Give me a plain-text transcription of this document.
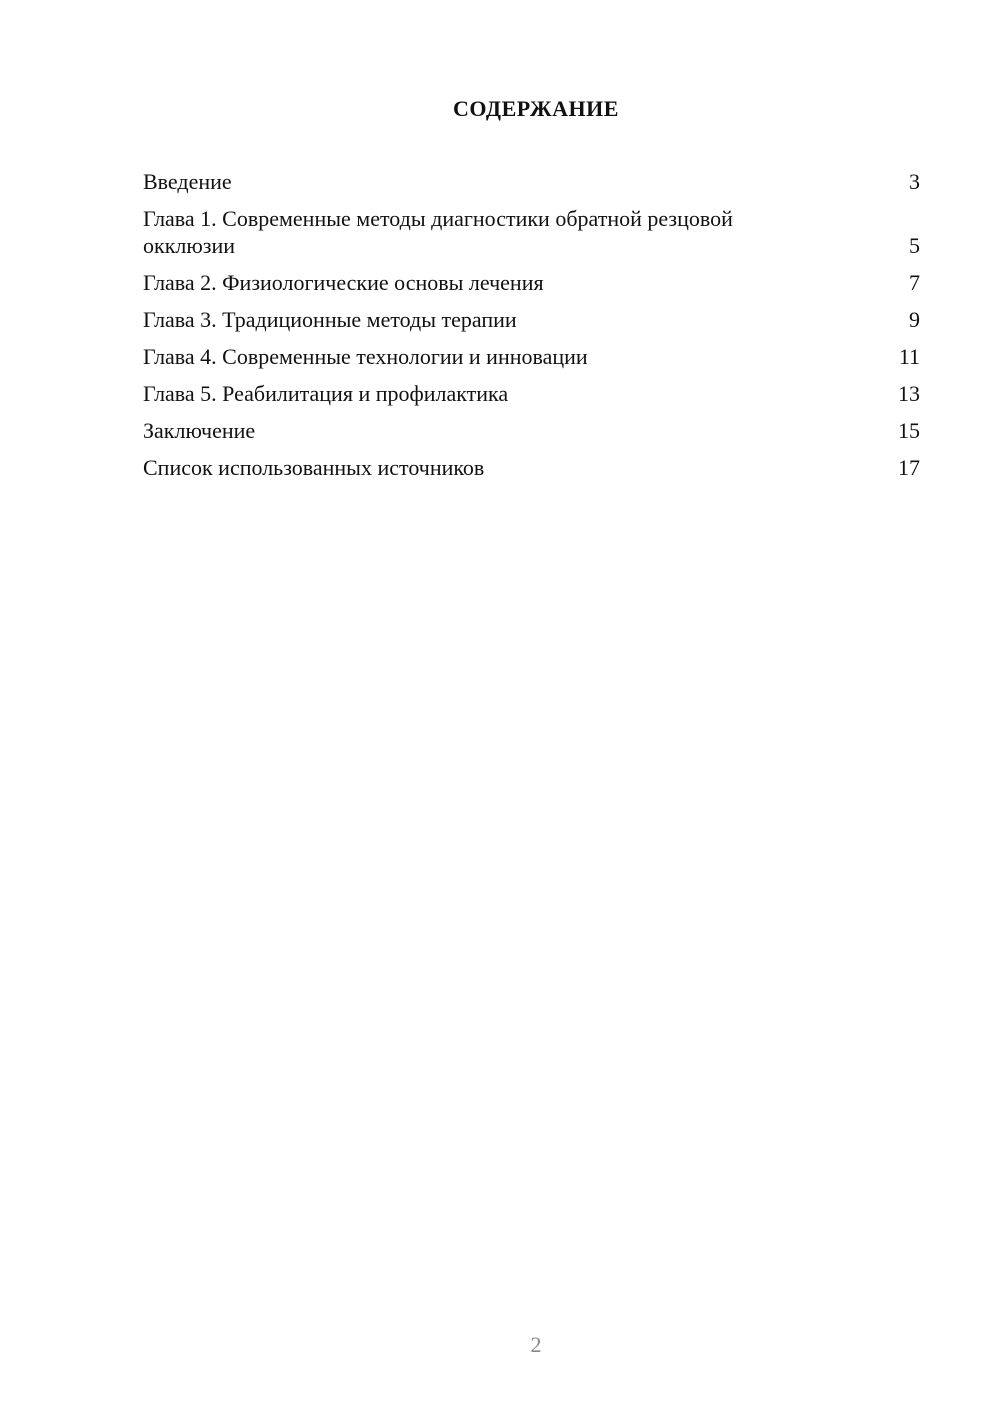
СОДЕРЖАНИЕ
Введение	3
Глава 1. Современные методы диагностики обратной резцовой окклюзии	5
Глава 2. Физиологические основы лечения	7
Глава 3. Традиционные методы терапии	9
Глава 4. Современные технологии и инновации	11
Глава 5. Реабилитация и профилактика	13
Заключение	15
Список использованных источников	17
2
